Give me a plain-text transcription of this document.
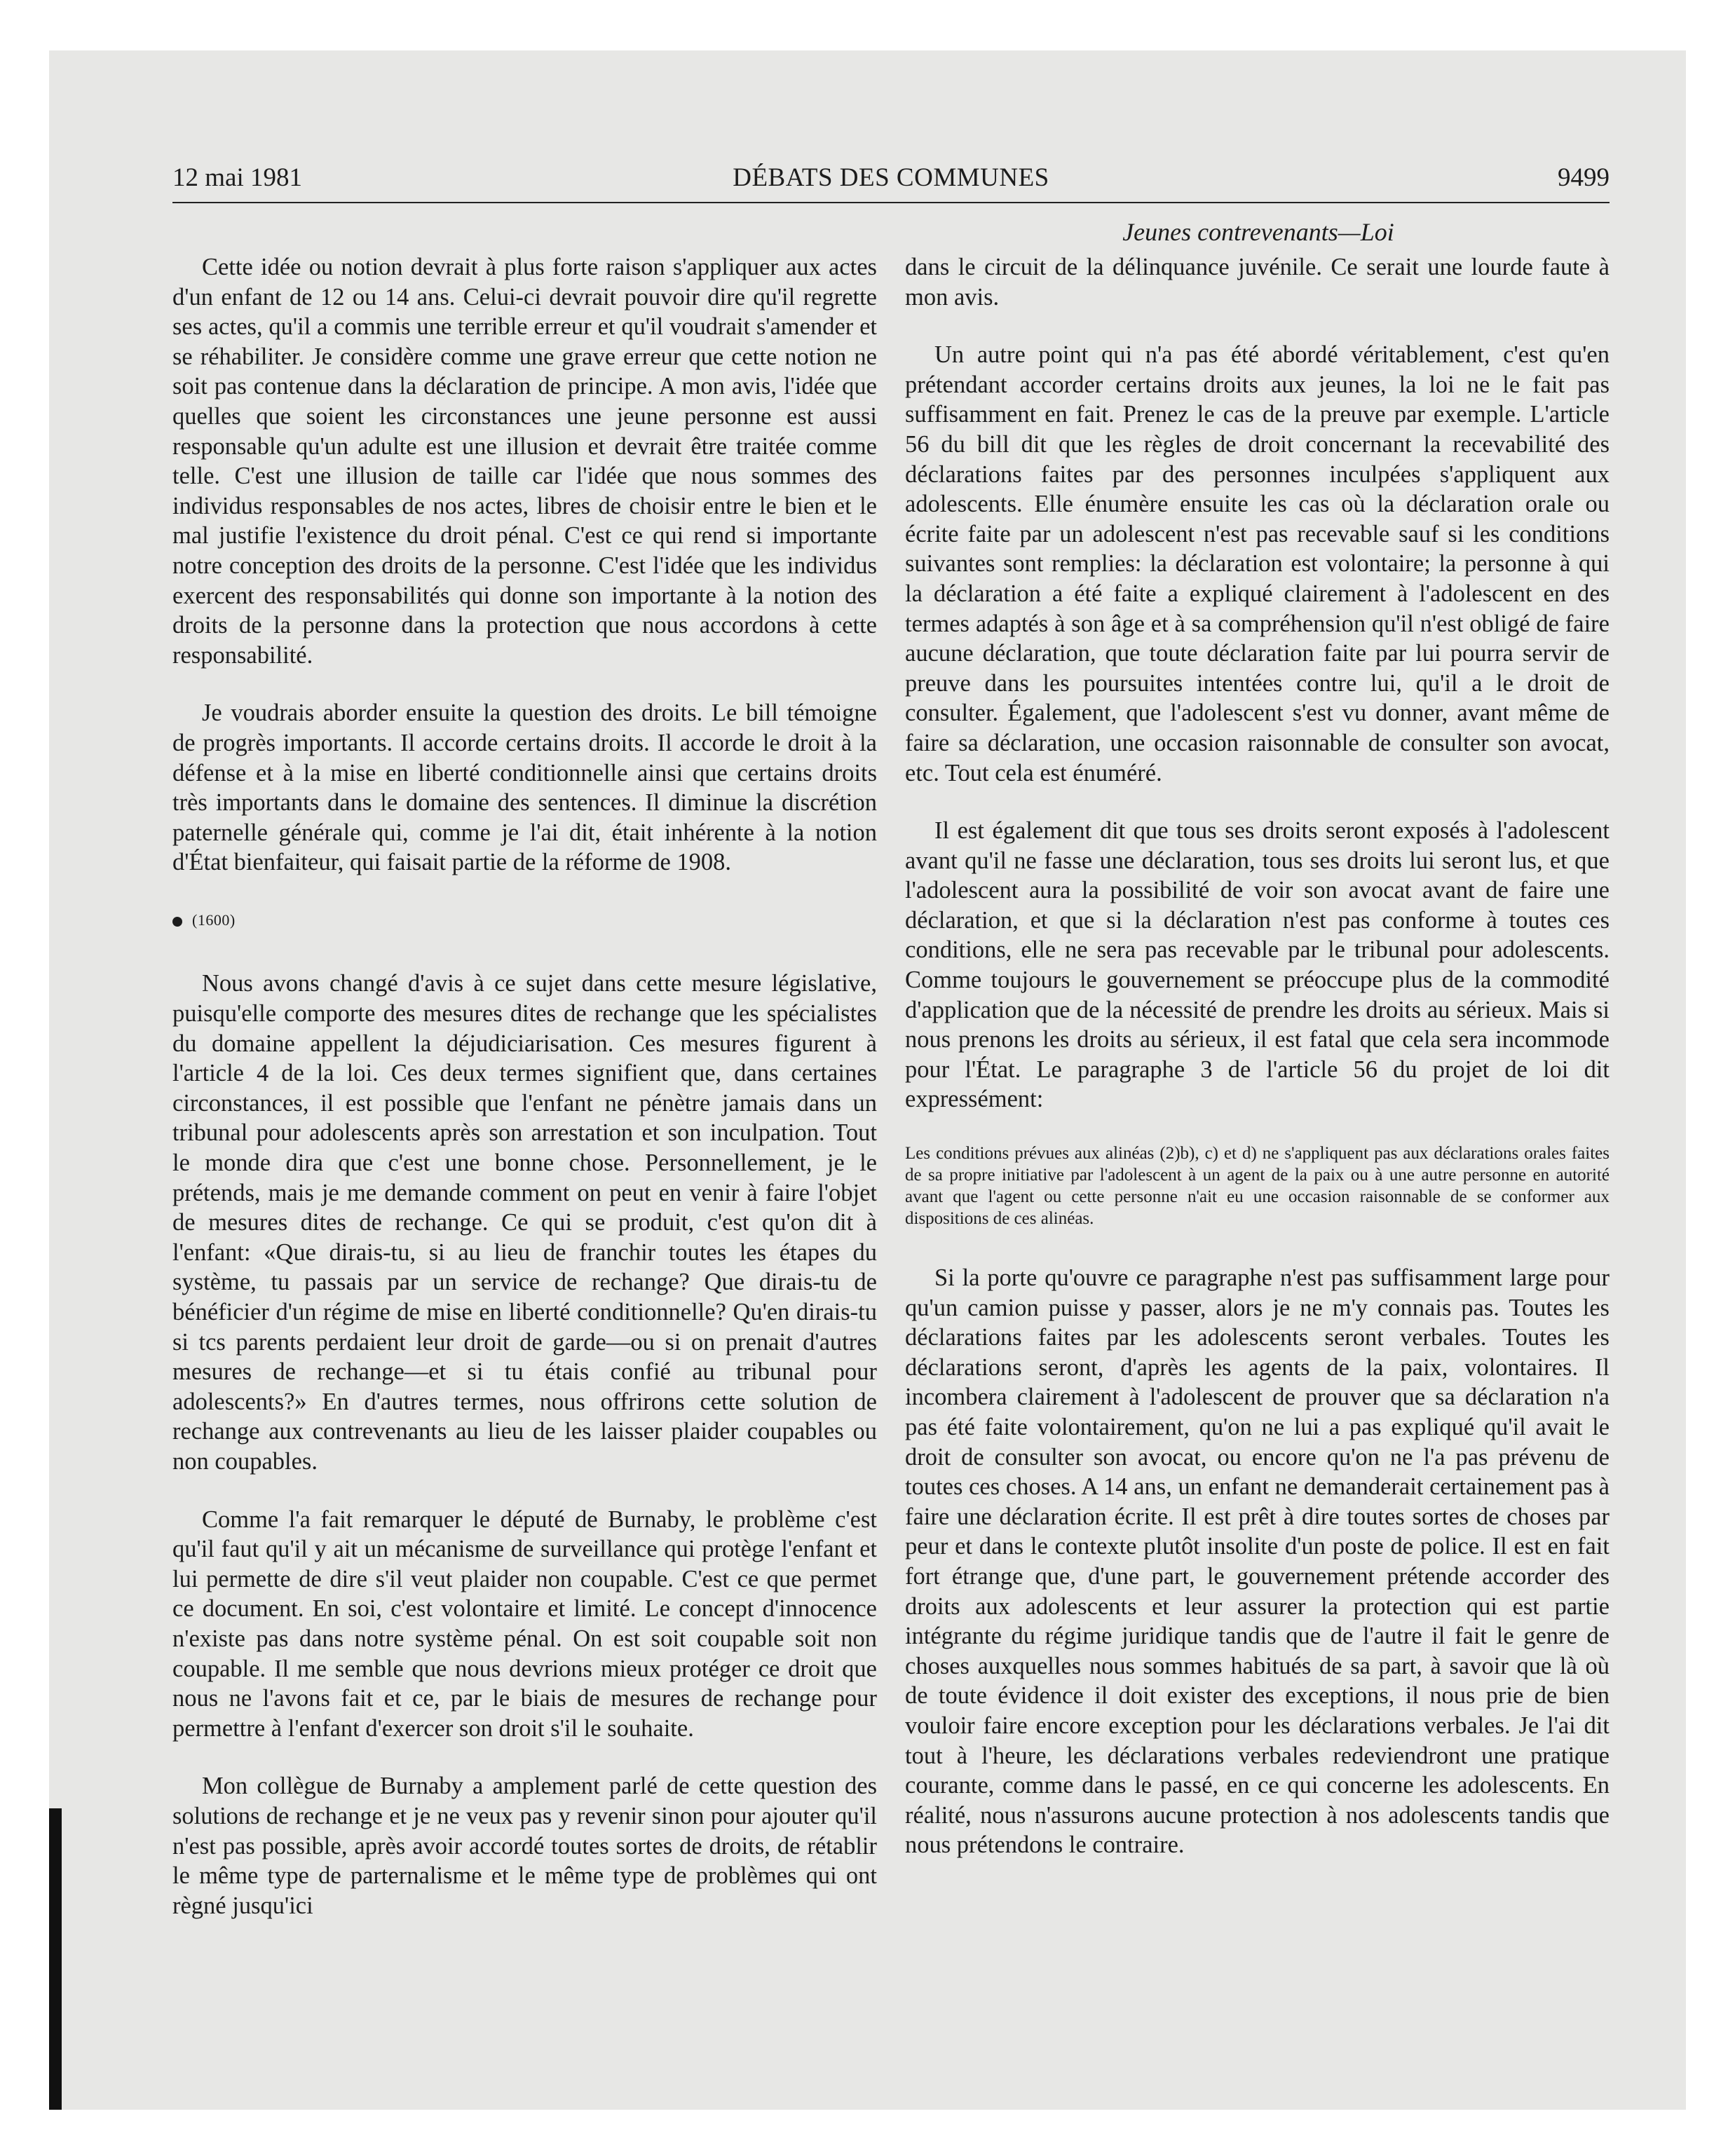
12 mai 1981	DÉBATS DES COMMUNES	9499
Jeunes contrevenants—Loi

Cette idée ou notion devrait à plus forte raison s'appliquer aux actes d'un enfant de 12 ou 14 ans. Celui-ci devrait pouvoir dire qu'il regrette ses actes, qu'il a commis une terrible erreur et qu'il voudrait s'amender et se réhabiliter. Je considère comme une grave erreur que cette notion ne soit pas contenue dans la déclaration de principe. A mon avis, l'idée que quelles que soient les circonstances une jeune personne est aussi responsable qu'un adulte est une illusion et devrait être traitée comme telle. C'est une illusion de taille car l'idée que nous sommes des individus responsables de nos actes, libres de choisir entre le bien et le mal justifie l'existence du droit pénal. C'est ce qui rend si importante notre conception des droits de la personne. C'est l'idée que les individus exercent des responsabilités qui donne son importante à la notion des droits de la personne dans la protection que nous accordons à cette responsabilité.

Je voudrais aborder ensuite la question des droits. Le bill témoigne de progrès importants. Il accorde certains droits. Il accorde le droit à la défense et à la mise en liberté conditionnelle ainsi que certains droits très importants dans le domaine des sentences. Il diminue la discrétion paternelle générale qui, comme je l'ai dit, était inhérente à la notion d'État bienfaiteur, qui faisait partie de la réforme de 1908.

(1600)

Nous avons changé d'avis à ce sujet dans cette mesure législative, puisqu'elle comporte des mesures dites de rechange que les spécialistes du domaine appellent la déjudiciarisation. Ces mesures figurent à l'article 4 de la loi. Ces deux termes signifient que, dans certaines circonstances, il est possible que l'enfant ne pénètre jamais dans un tribunal pour adolescents après son arrestation et son inculpation. Tout le monde dira que c'est une bonne chose. Personnellement, je le prétends, mais je me demande comment on peut en venir à faire l'objet de mesures dites de rechange. Ce qui se produit, c'est qu'on dit à l'enfant: «Que dirais-tu, si au lieu de franchir toutes les étapes du système, tu passais par un service de rechange? Que dirais-tu de bénéficier d'un régime de mise en liberté conditionnelle? Qu'en dirais-tu si tcs parents perdaient leur droit de garde—ou si on prenait d'autres mesures de rechange—et si tu étais confié au tribunal pour adolescents?» En d'autres termes, nous offrirons cette solution de rechange aux contrevenants au lieu de les laisser plaider coupables ou non coupables.

Comme l'a fait remarquer le député de Burnaby, le problème c'est qu'il faut qu'il y ait un mécanisme de surveillance qui protège l'enfant et lui permette de dire s'il veut plaider non coupable. C'est ce que permet ce document. En soi, c'est volontaire et limité. Le concept d'innocence n'existe pas dans notre système pénal. On est soit coupable soit non coupable. Il me semble que nous devrions mieux protéger ce droit que nous ne l'avons fait et ce, par le biais de mesures de rechange pour permettre à l'enfant d'exercer son droit s'il le souhaite.

Mon collègue de Burnaby a amplement parlé de cette question des solutions de rechange et je ne veux pas y revenir sinon pour ajouter qu'il n'est pas possible, après avoir accordé toutes sortes de droits, de rétablir le même type de parternalisme et le même type de problèmes qui ont règné jusqu'ici

dans le circuit de la délinquance juvénile. Ce serait une lourde faute à mon avis.

Un autre point qui n'a pas été abordé véritablement, c'est qu'en prétendant accorder certains droits aux jeunes, la loi ne le fait pas suffisamment en fait. Prenez le cas de la preuve par exemple. L'article 56 du bill dit que les règles de droit concernant la recevabilité des déclarations faites par des personnes inculpées s'appliquent aux adolescents. Elle énumère ensuite les cas où la déclaration orale ou écrite faite par un adolescent n'est pas recevable sauf si les conditions suivantes sont remplies: la déclaration est volontaire; la personne à qui la déclaration a été faite a expliqué clairement à l'adolescent en des termes adaptés à son âge et à sa compréhension qu'il n'est obligé de faire aucune déclaration, que toute déclaration faite par lui pourra servir de preuve dans les poursuites intentées contre lui, qu'il a le droit de consulter. Également, que l'adolescent s'est vu donner, avant même de faire sa déclaration, une occasion raisonnable de consulter son avocat, etc. Tout cela est énuméré.

Il est également dit que tous ses droits seront exposés à l'adolescent avant qu'il ne fasse une déclaration, tous ses droits lui seront lus, et que l'adolescent aura la possibilité de voir son avocat avant de faire une déclaration, et que si la déclaration n'est pas conforme à toutes ces conditions, elle ne sera pas recevable par le tribunal pour adolescents. Comme toujours le gouvernement se préoccupe plus de la commodité d'application que de la nécessité de prendre les droits au sérieux. Mais si nous prenons les droits au sérieux, il est fatal que cela sera incommode pour l'État. Le paragraphe 3 de l'article 56 du projet de loi dit expressément:

Les conditions prévues aux alinéas (2)b), c) et d) ne s'appliquent pas aux déclarations orales faites de sa propre initiative par l'adolescent à un agent de la paix ou à une autre personne en autorité avant que l'agent ou cette personne n'ait eu une occasion raisonnable de se conformer aux dispositions de ces alinéas.

Si la porte qu'ouvre ce paragraphe n'est pas suffisamment large pour qu'un camion puisse y passer, alors je ne m'y connais pas. Toutes les déclarations faites par les adolescents seront verbales. Toutes les déclarations seront, d'après les agents de la paix, volontaires. Il incombera clairement à l'adolescent de prouver que sa déclaration n'a pas été faite volontairement, qu'on ne lui a pas expliqué qu'il avait le droit de consulter son avocat, ou encore qu'on ne l'a pas prévenu de toutes ces choses. A 14 ans, un enfant ne demanderait certainement pas à faire une déclaration écrite. Il est prêt à dire toutes sortes de choses par peur et dans le contexte plutôt insolite d'un poste de police. Il est en fait fort étrange que, d'une part, le gouvernement prétende accorder des droits aux adolescents et leur assurer la protection qui est partie intégrante du régime juridique tandis que de l'autre il fait le genre de choses auxquelles nous sommes habitués de sa part, à savoir que là où de toute évidence il doit exister des exceptions, il nous prie de bien vouloir faire encore exception pour les déclarations verbales. Je l'ai dit tout à l'heure, les déclarations verbales redeviendront une pratique courante, comme dans le passé, en ce qui concerne les adolescents. En réalité, nous n'assurons aucune protection à nos adolescents tandis que nous prétendons le contraire.
